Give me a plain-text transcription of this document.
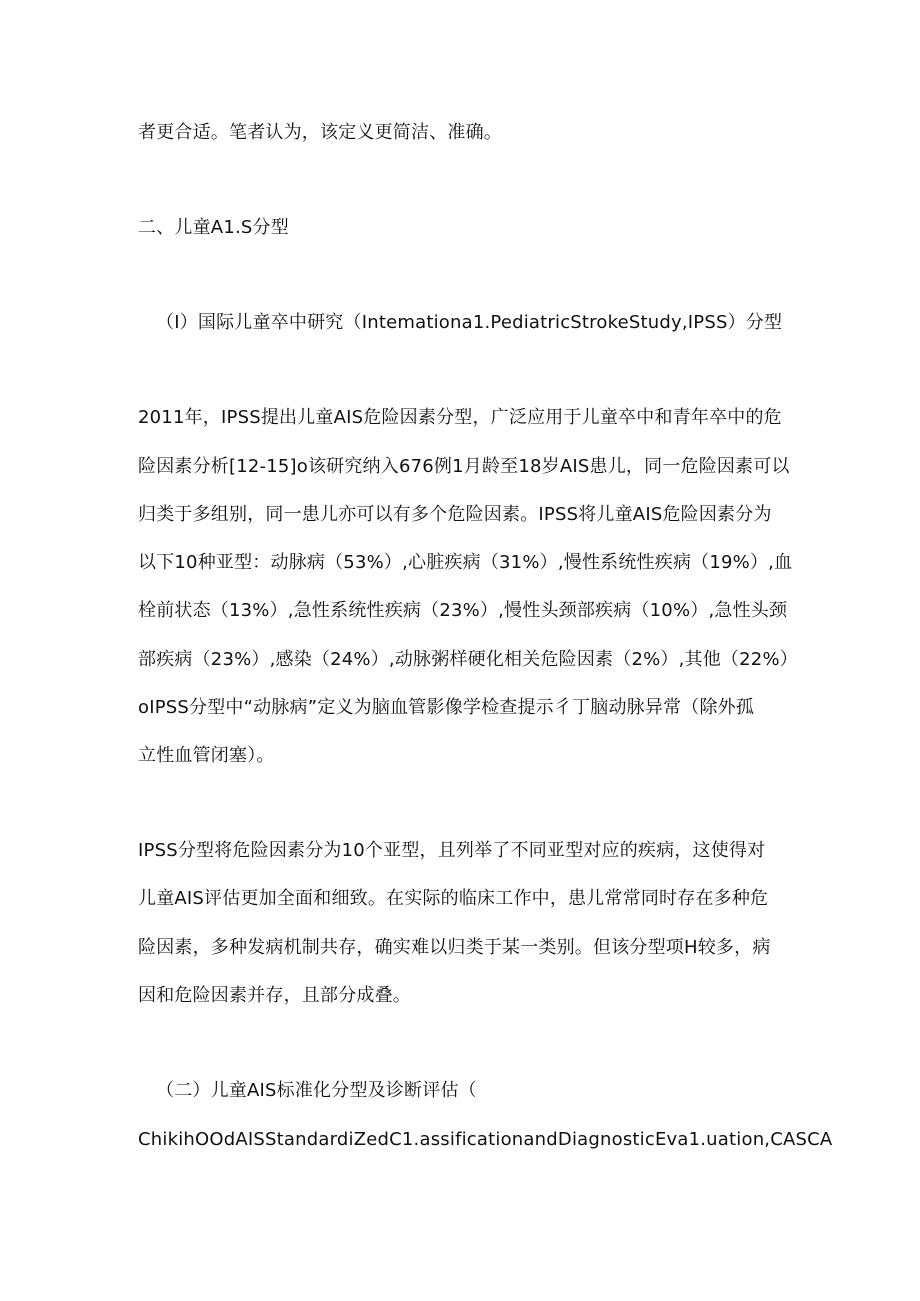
者更合适。笔者认为，该定义更简洁、准确。
二、儿童A1.S分型
（I）国际儿童卒中研究（Intemationa1.PediatricStrokeStudy,IPSS）分型
2011年，IPSS提出儿童AIS危险因素分型，广泛应用于儿童卒中和青年卒中的危
险因素分析[12-15]o该研究纳入676例1月龄至18岁AIS患儿，同一危险因素可以
归类于多组别，同一患儿亦可以有多个危险因素。IPSS将儿童AIS危险因素分为
以下10种亚型：动脉病（53%）,心脏疾病（31%）,慢性系统性疾病（19%）,血
栓前状态（13%）,急性系统性疾病（23%）,慢性头颈部疾病（10%）,急性头颈
部疾病（23%）,感染（24%）,动脉粥样硬化相关危险因素（2%）,其他（22%）
oIPSS分型中“动脉病”定义为脑血管影像学检查提示彳丁脑动脉异常（除外孤
立性血管闭塞）。
IPSS分型将危险因素分为10个亚型，且列举了不同亚型对应的疾病，这使得对
儿童AIS评估更加全面和细致。在实际的临床工作中，患儿常常同时存在多种危
险因素，多种发病机制共存，确实难以归类于某一类别。但该分型项H较多，病
因和危险因素并存，且部分成叠。
（二）儿童AIS标准化分型及诊断评估（
ChikihOOdAISStandardiZedC1.assificationandDiagnosticEva1.uation,CASCA
